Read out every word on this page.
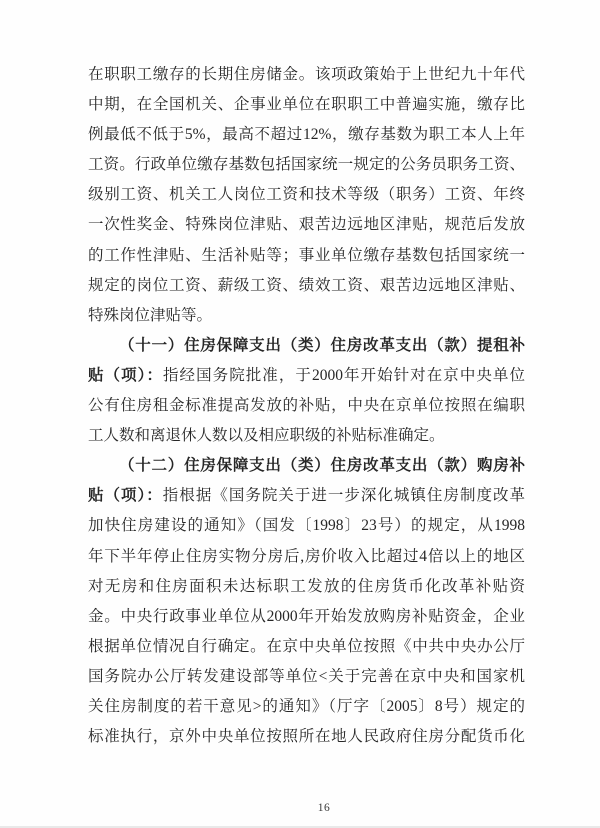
在职职工缴存的长期住房储金。该项政策始于上世纪九十年代
中期，在全国机关、企事业单位在职职工中普遍实施，缴存比
例最低不低于5%，最高不超过12%，缴存基数为职工本人上年
工资。行政单位缴存基数包括国家统一规定的公务员职务工资、
级别工资、机关工人岗位工资和技术等级（职务）工资、年终
一次性奖金、特殊岗位津贴、艰苦边远地区津贴，规范后发放
的工作性津贴、生活补贴等；事业单位缴存基数包括国家统一
规定的岗位工资、薪级工资、绩效工资、艰苦边远地区津贴、
特殊岗位津贴等。
（十一）住房保障支出（类）住房改革支出（款）提租补
贴（项）：指经国务院批准，于2000年开始针对在京中央单位
公有住房租金标准提高发放的补贴，中央在京单位按照在编职
工人数和离退休人数以及相应职级的补贴标准确定。
（十二）住房保障支出（类）住房改革支出（款）购房补
贴（项）：指根据《国务院关于进一步深化城镇住房制度改革
加快住房建设的通知》（国发〔1998〕23号）的规定，从1998
年下半年停止住房实物分房后,房价收入比超过4倍以上的地区
对无房和住房面积未达标职工发放的住房货币化改革补贴资
金。中央行政事业单位从2000年开始发放购房补贴资金，企业
根据单位情况自行确定。在京中央单位按照《中共中央办公厅
国务院办公厅转发建设部等单位<关于完善在京中央和国家机
关住房制度的若干意见>的通知》（厅字〔2005〕8号）规定的
标准执行，京外中央单位按照所在地人民政府住房分配货币化
16
